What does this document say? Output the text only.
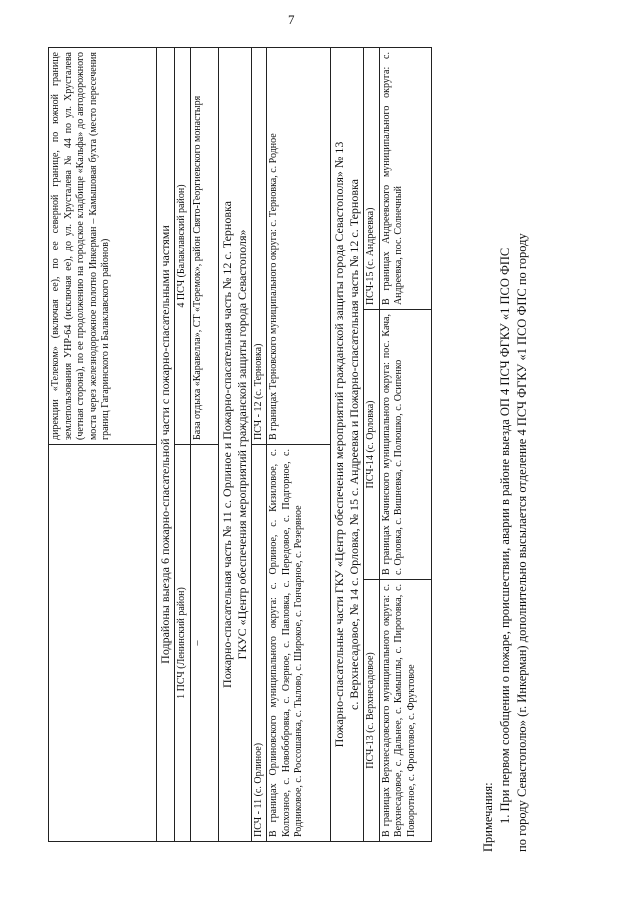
7
		дирекции «Телеком» (включая ее), по ее северной границе, по южной границе землепользования УНР-64 (исключая ее), до ул. Хрусталева № 44 по ул. Хрусталева (четная сторона), по ее продолжению на городское кладбище «Кальфа» до автодорожного моста через железнодорожное полотно Инкерман – Камышовая бухта (место пересечения границ Гагаринского и Балаклавского районов)	
Подрайоны выезда 6 пожарно-спасательной части с пожарно-спасательными частями			
1 ПСЧ (Ленинский район)		4 ПСЧ (Балаклавский район)	
–		База отдыха «Каравелла», СТ «Теремок», район Свято-Георгиевского монастыря	

Пожарно-спасательная часть № 11 с. Орлиное и Пожарно-спасательная часть № 12 с. Терновка ГКУС «Центр обеспечения мероприятий гражданской защиты города Севастополя»			

ПСЧ - 11 (с. Орлиное)		ПСЧ - 12 (с. Терновка)	
В границах Орлиновского муниципального округа: с. Орлиное, с. Кизиловое, с. Колхозное, с. Новобобровка, с. Озерное, с. Павловка, с. Передовое, с. Подгорное, с. Родниковое, с. Россошанка, с. Тылово, с. Широкое, с. Гончарное, с. Резервное		В границах Терновского муниципального округа: с. Терновка, с. Родное	

Пожарно-спасательные части ГКУ «Центр обеспечения мероприятий гражданской защиты города Севастополя» № 13 с. Верхнесадовое, № 14 с. Орловка, № 15 с. Андреевка и Пожарно-спасательная часть № 12 с. Терновка			

ПСЧ-13 (с. Верхнесадовое)	ПСЧ-14 (с. Орловка)		ПСЧ-15 (с. Андреевка)
В границах Верхнесадовского муниципального округа: с. Верхнесадовое, с. Дальнее, с. Камышлы, с. Пироговка, с. Поворотное, с. Фронтовое, с. Фруктовое	В границах Качинского муниципального округа: пос. Кача, с. Орловка, с. Вишневка, с. Полюшко, с. Осипенко		В границах Андреевского муниципального округа: с. Андреевка, пос. Солнечный

Примечания: 1. При первом сообщении о пожаре, происшествии, аварии в районе выезда ОП 4 ПСЧ ФГКУ «1 ПСО ФПС по городу Севастополю» (г. Инкерман) дополнительно высылается отделение 4 ПСЧ ФГКУ «1 ПСО ФПС по городу
